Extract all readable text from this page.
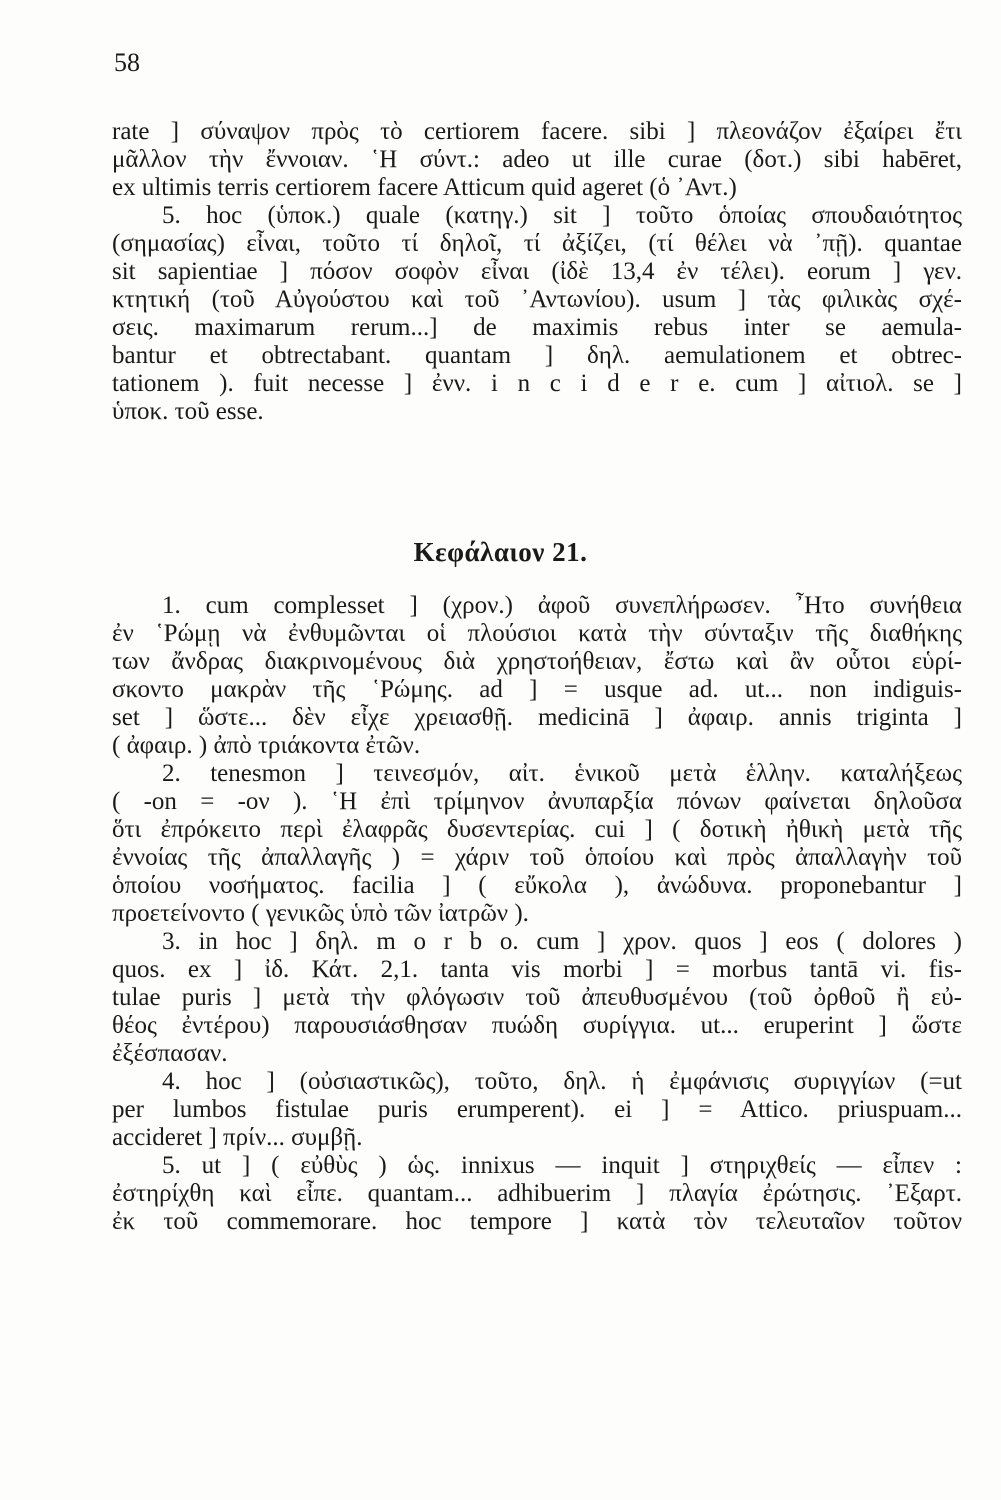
58
rate ] σύναψον πρὸς τὸ certiorem facere. sibi ] πλεονάζον ἐξαίρει ἔτι
μᾶλλον τὴν ἔννοιαν. ῾Η σύντ.: adeo ut ille curae (δοτ.) sibi habēret,
ex ultimis terris certiorem facere Atticum quid ageret (ὁ ᾽Αντ.)
5. hoc (ὑποκ.) quale (κατηγ.) sit ] τοῦτο ὁποίας σπουδαιότητος
(σημασίας) εἶναι, τοῦτο τί δηλοῖ, τί ἀξίζει, (τί θέλει νὰ ᾽πῇ). quantae
sit sapientiae ] πόσον σοφὸν εἶναι (ἰδὲ 13,4 ἐν τέλει). eorum ] γεν.
κτητική (τοῦ Αὐγούστου καὶ τοῦ ᾽Αντωνίου). usum ] τὰς φιλικὰς σχέ-
σεις. maximarum rerum...] de maximis rebus inter se aemula-
bantur et obtrectabant. quantam ] δηλ. aemulationem et obtrec-
tationem ). fuit necesse ] ἐνν. i n c i d e r e. cum ] αἰτιολ. se ]
ὑποκ. τοῦ esse.
Κεφάλαιον 21.
1. cum complesset ] (χρον.) ἀφοῦ συνεπλήρωσεν. ῏Ητο συνήθεια
ἐν ῾Ρώμῃ νὰ ἐνθυμῶνται οἱ πλούσιοι κατὰ τὴν σύνταξιν τῆς διαθήκης
των ἄνδρας διακρινομένους διὰ χρηστοήθειαν, ἔστω καὶ ἂν οὗτοι εὑρί-
σκοντο μακρὰν τῆς ῾Ρώμης. ad ] = usque ad. ut... non indiguis-
set ] ὥστε... δὲν εἶχε χρειασθῇ. medicinā ] ἀφαιρ. annis triginta ]
( ἀφαιρ. ) ἀπὸ τριάκοντα ἐτῶν.
2. tenesmon ] τεινεσμόν, αἰτ. ἑνικοῦ μετὰ ἑλλην. καταλήξεως
( -on = -ον ). ῾Η ἐπὶ τρίμηνον ἀνυπαρξία πόνων φαίνεται δηλοῦσα
ὅτι ἐπρόκειτο περὶ ἐλαφρᾶς δυσεντερίας. cui ] ( δοτικὴ ἠθικὴ μετὰ τῆς
ἐννοίας τῆς ἀπαλλαγῆς ) = χάριν τοῦ ὁποίου καὶ πρὸς ἀπαλλαγὴν τοῦ
ὁποίου νοσήματος. facilia ] ( εὔκολα ), ἀνώδυνα. proponebantur ]
προετείνοντο ( γενικῶς ὑπὸ τῶν ἰατρῶν ).
3. in hoc ] δηλ. m o r b o. cum ] χρον. quos ] eos ( dolores )
quos. ex ] ἰδ. Κάτ. 2,1. tanta vis morbi ] = morbus tantā vi. fis-
tulae puris ] μετὰ τὴν φλόγωσιν τοῦ ἀπευθυσμένου (τοῦ ὀρθοῦ ἢ εὐ-
θέος ἐντέρου) παρουσιάσθησαν πυώδη συρίγγια. ut... eruperint ] ὥστε
ἐξέσπασαν.
4. hoc ] (οὐσιαστικῶς), τοῦτο, δηλ. ἡ ἐμφάνισις συριγγίων (=ut
per lumbos fistulae puris erumperent). ei ] = Attico. priuspuam...
accideret ] πρίν... συμβῇ.
5. ut ] ( εὐθὺς ) ὡς. innixus — inquit ] στηριχθείς — εἶπεν :
ἐστηρίχθη καὶ εἶπε. quantam... adhibuerim ] πλαγία ἐρώτησις. ᾽Εξαρτ.
ἐκ τοῦ commemorare. hoc tempore ] κατὰ τὸν τελευταῖον τοῦτον
